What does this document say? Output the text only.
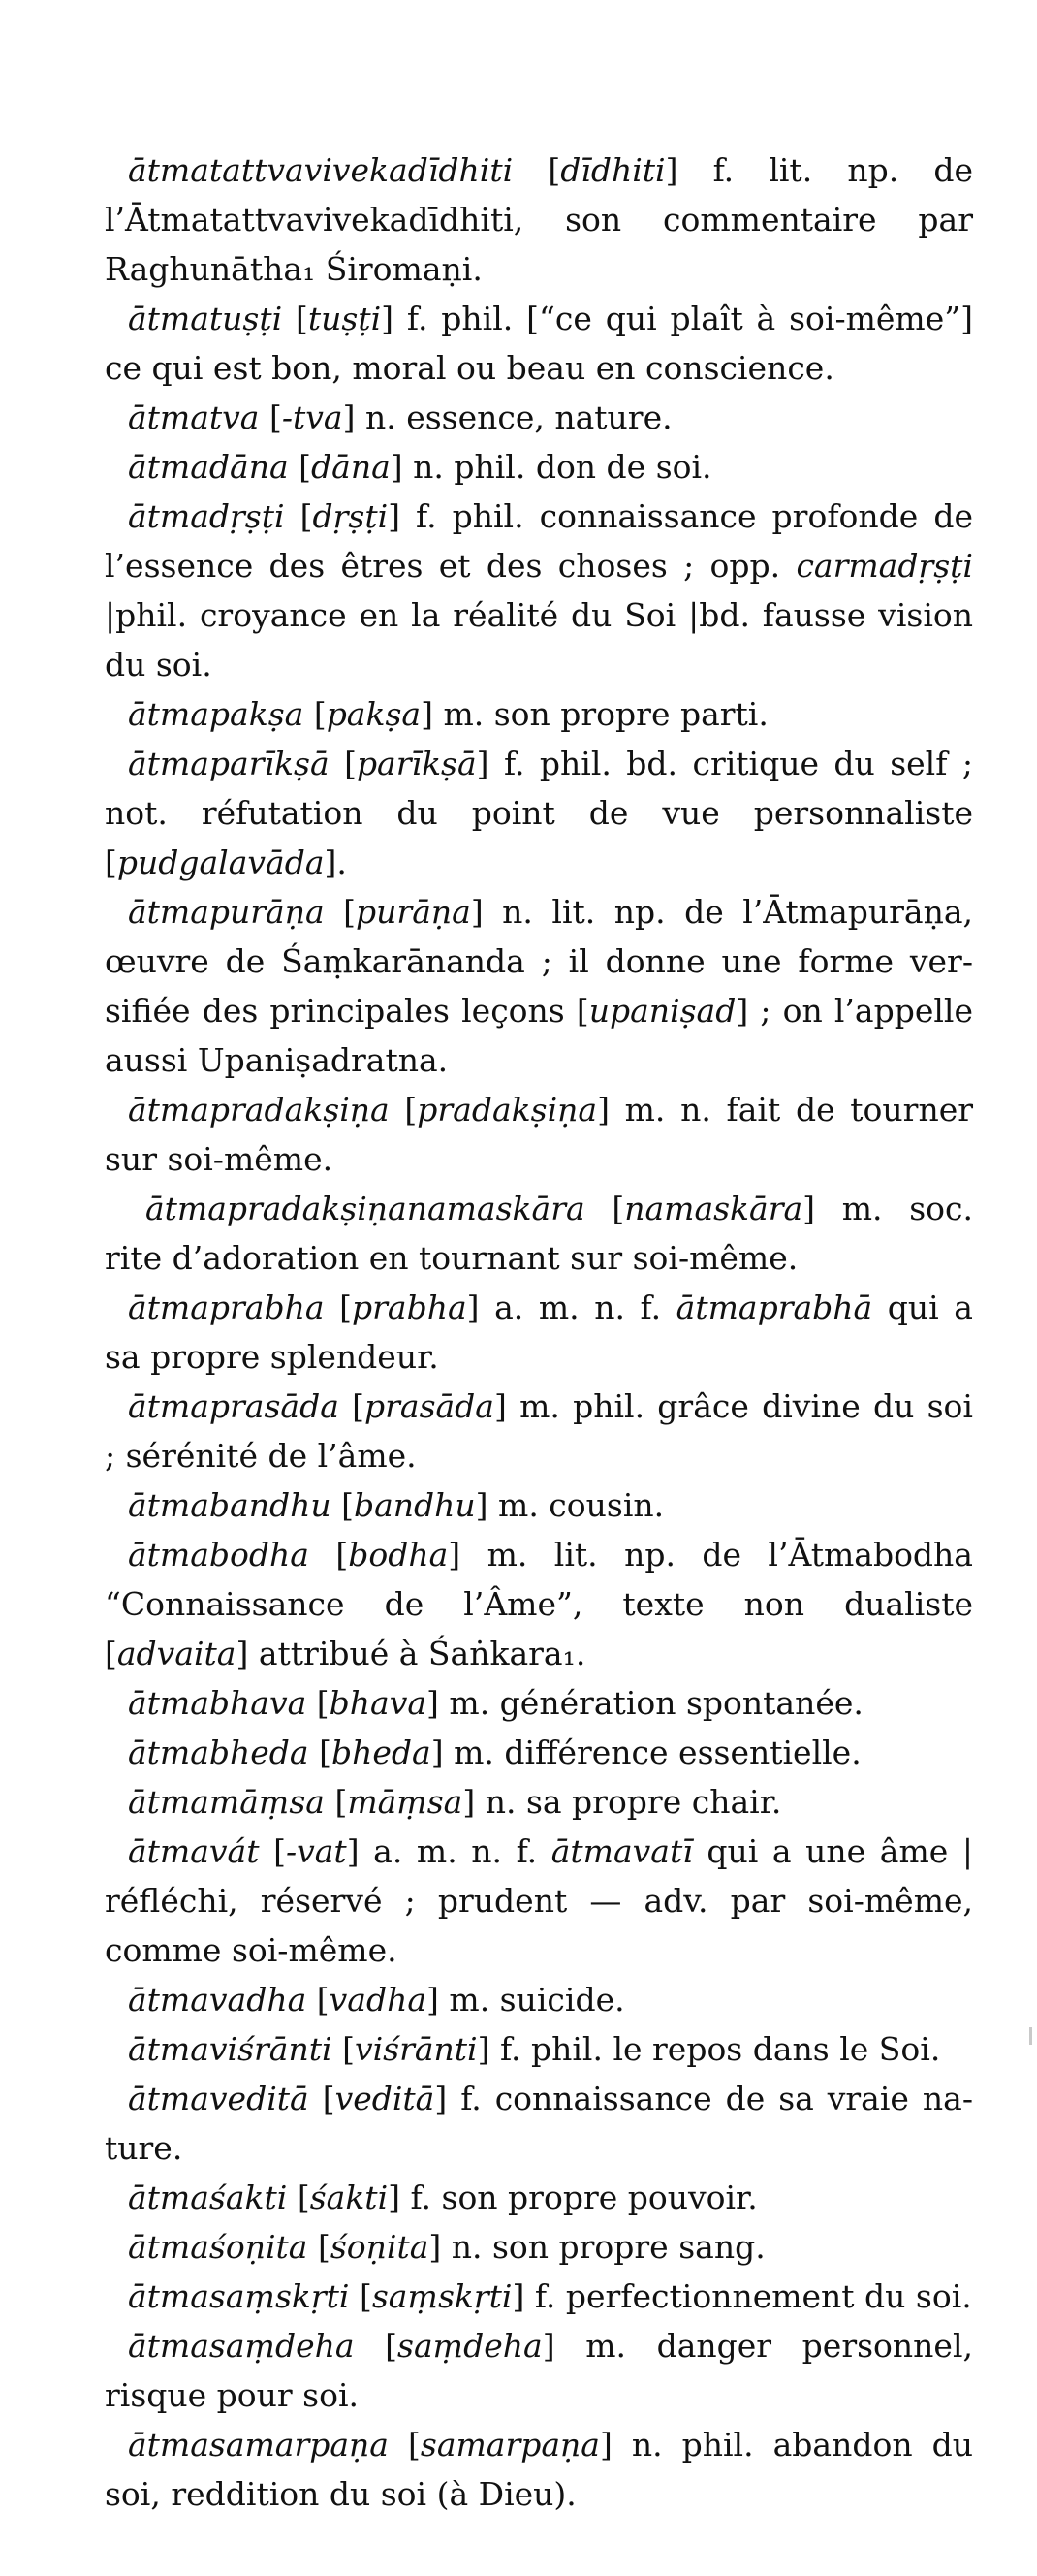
ātmatattvavivekadīdhiti [dīdhiti] f. lit. np. de l’Ātmatattvavivekadīdhiti, son commentaire par Raghunātha₁ Śiromaṇi.

ātmatuṣṭi [tuṣṭi] f. phil. [“ce qui plaît à soi-même”] ce qui est bon, moral ou beau en conscience.

ātmatva [-tva] n. essence, nature.

ātmadāna [dāna] n. phil. don de soi.

ātmadṛṣṭi [dṛṣṭi] f. phil. connaissance profonde de l’essence des êtres et des choses ; opp. carmadṛṣṭi |phil. croyance en la réalité du Soi |bd. fausse vision du soi.

ātmapakṣa [pakṣa] m. son propre parti.

ātmaparīkṣā [parīkṣā] f. phil. bd. critique du self ; not. réfutation du point de vue personnaliste [pudgalavāda].

ātmapurāṇa [purāṇa] n. lit. np. de l’Ātmapurāṇa, œuvre de Śaṃkarānanda ; il donne une forme ver-sifiée des principales leçons [upaniṣad] ; on l’appelle aussi Upaniṣadratna.

ātmapradakṣiṇa [pradakṣiṇa] m. n. fait de tourner sur soi-même.

ātmapradakṣiṇanamaskāra [namaskāra] m. soc. rite d’adoration en tournant sur soi-même.

ātmaprabha [prabha] a. m. n. f. ātmaprabhā qui a sa propre splendeur.

ātmaprasāda [prasāda] m. phil. grâce divine du soi ; sérénité de l’âme.

ātmabandhu [bandhu] m. cousin.

ātmabodha [bodha] m. lit. np. de l’Ātmabodha “Connaissance de l’Âme”, texte non dualiste [advaita] attribué à Śaṅkara₁.

ātmabhava [bhava] m. génération spontanée.

ātmabheda [bheda] m. différence essentielle.

ātmamāṃsa [māṃsa] n. sa propre chair.

ātmavát [-vat] a. m. n. f. ātmavatī qui a une âme | réfléchi, réservé ; prudent — adv. par soi-même, comme soi-même.

ātmavadha [vadha] m. suicide.

ātmaviśrānti [viśrānti] f. phil. le repos dans le Soi.

ātmaveditā [veditā] f. connaissance de sa vraie na-ture.

ātmaśakti [śakti] f. son propre pouvoir.

ātmaśoṇita [śoṇita] n. son propre sang.

ātmasaṃskṛti [saṃskṛti] f. perfectionnement du soi.

ātmasaṃdeha [saṃdeha] m. danger personnel, risque pour soi.

ātmasamarpaṇa [samarpaṇa] n. phil. abandon du soi, reddition du soi (à Dieu).
